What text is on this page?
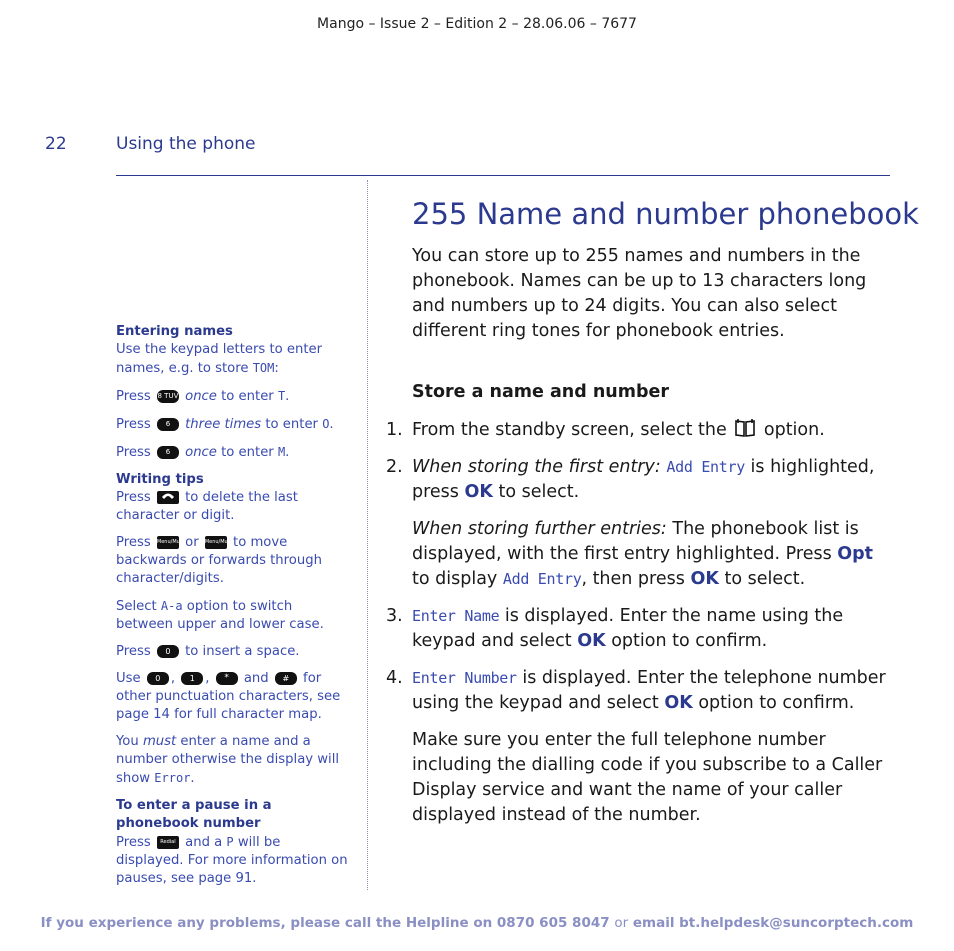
Mango – Issue 2 – Edition 2 – 28.06.06 – 7677
22	Using the phone
Entering names
Use the keypad letters to enter names, e.g. to store TOM:
Press 8 TUV once to enter T.
Press 6 MNO three times to enter O.
Press 6 MNO once to enter M.
Writing tips
Press	to delete the last character or digit.
Press Menu/Mute or Menu/Mute to move backwards or forwards through character/digits.
Select A-a option to switch between upper and lower case.
Press 0 to insert a space.
Use 0 , 1 , * and # for other punctuation characters, see page 14 for full character map.
You must enter a name and a number otherwise the display will show Error.
To enter a pause in a phonebook number
Press Redial and a P will be displayed. For more information on pauses, see page 91.
255 Name and number phonebook
You can store up to 255 names and numbers in the phonebook. Names can be up to 13 characters long and numbers up to 24 digits. You can also select different ring tones for phonebook entries.
Store a name and number
1. From the standby screen, select the option.
2. When storing the first entry: Add Entry is highlighted, press OK to select.
When storing further entries: The phonebook list is displayed, with the first entry highlighted. Press Opt to display Add Entry, then press OK to select.
3. Enter Name is displayed. Enter the name using the keypad and select OK option to confirm.
4. Enter Number is displayed. Enter the telephone number using the keypad and select OK option to confirm.
Make sure you enter the full telephone number including the dialling code if you subscribe to a Caller Display service and want the name of your caller displayed instead of the number.
If you experience any problems, please call the Helpline on 0870 605 8047 or email bt.helpdesk@suncorptech.com
